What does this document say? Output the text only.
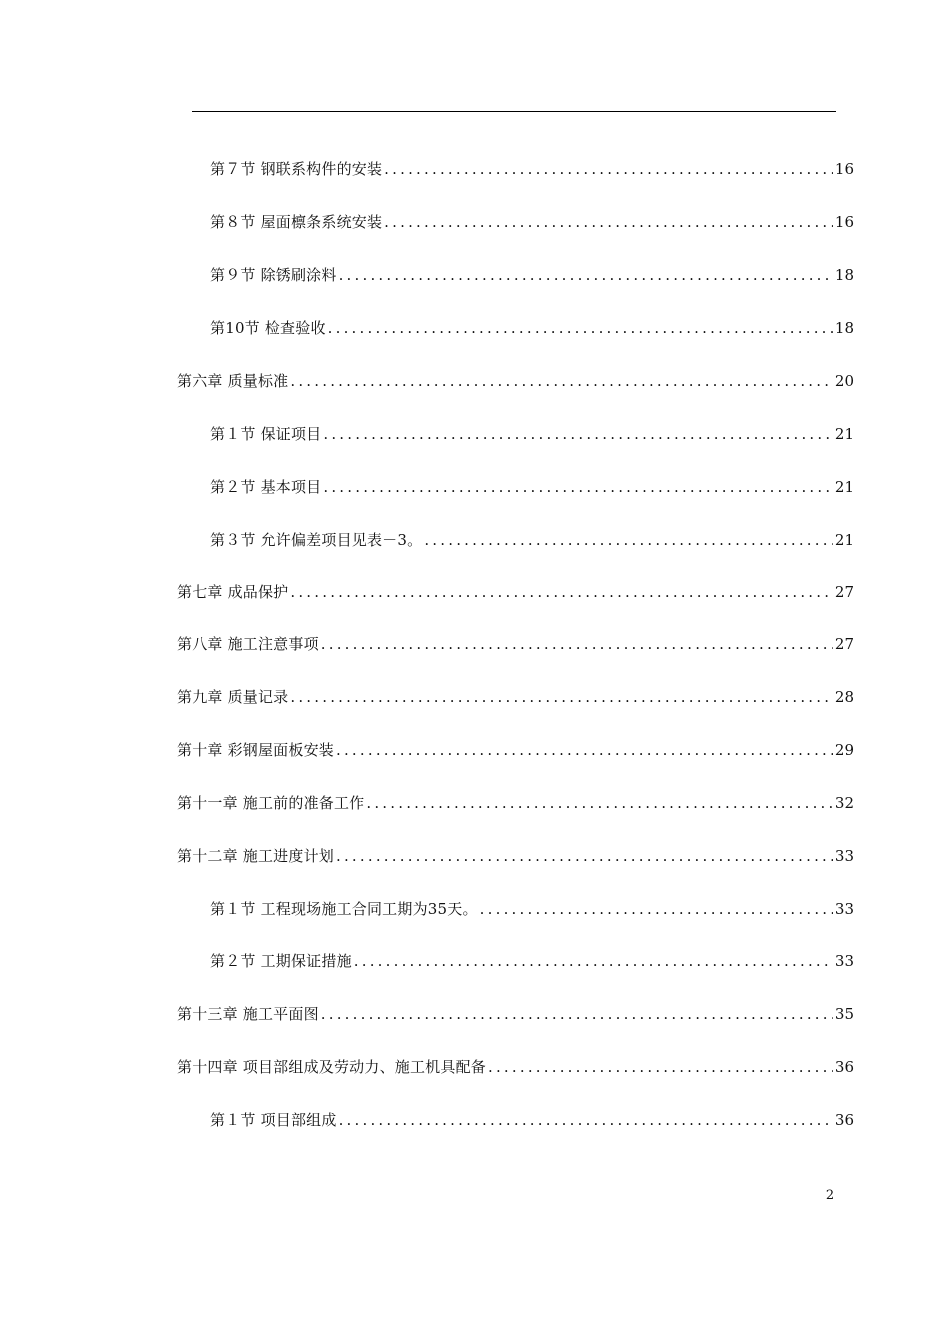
第７节 钢联系构件的安装 .....	16
第８节 屋面檩条系统安装 .....	16
第９节 除锈刷涂料 .....	18
第10节 检查验收 .....	18
第六章 质量标准 .....	20
第１节 保证项目 .....	21
第２节 基本项目 .....	21
第３节 允许偏差项目见表－3。 .....	21
第七章 成品保护 .....	27
第八章 施工注意事项 .....	27
第九章 质量记录 .....	28
第十章 彩钢屋面板安装 .....	29
第十一章 施工前的准备工作 .....	32
第十二章 施工进度计划 .....	33
第１节 工程现场施工合同工期为35天。 .....	33
第２节 工期保证措施 .....	33
第十三章 施工平面图 .....	35
第十四章 项目部组成及劳动力、施工机具配备 .....	36
第１节 项目部组成 .....	36
2
